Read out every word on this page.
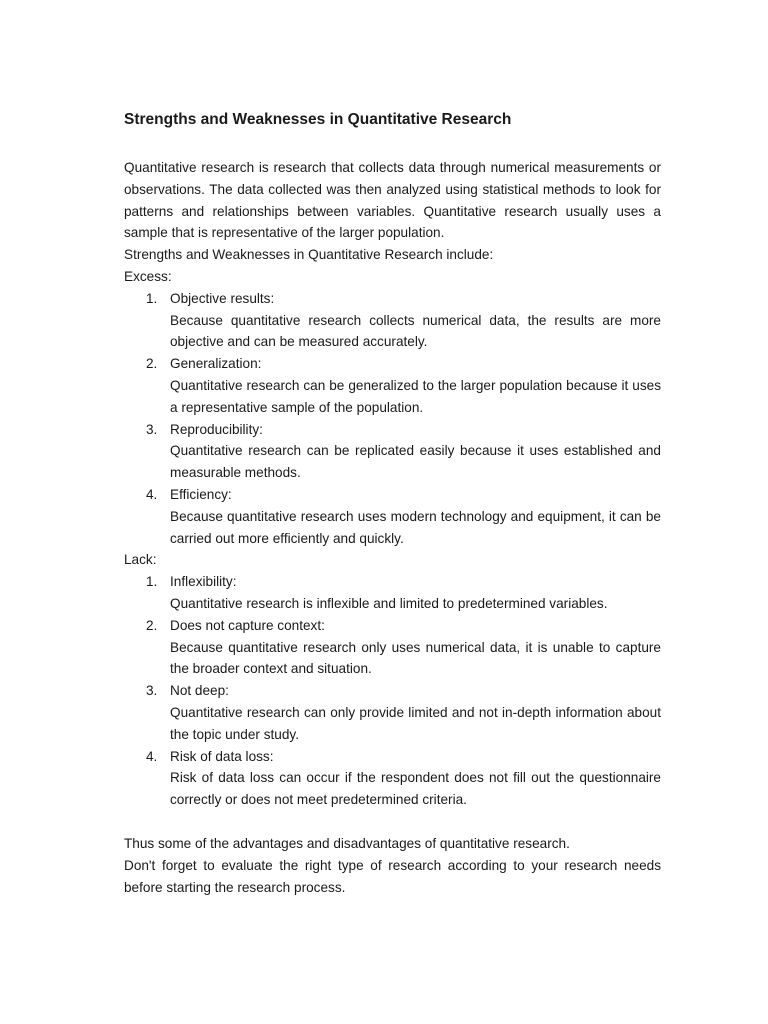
Strengths and Weaknesses in Quantitative Research

Quantitative research is research that collects data through numerical measurements or observations. The data collected was then analyzed using statistical methods to look for patterns and relationships between variables. Quantitative research usually uses a sample that is representative of the larger population.

Strengths and Weaknesses in Quantitative Research include:

Excess:

1. Objective results:
Because quantitative research collects numerical data, the results are more objective and can be measured accurately.
2. Generalization:
Quantitative research can be generalized to the larger population because it uses a representative sample of the population.
3. Reproducibility:
Quantitative research can be replicated easily because it uses established and measurable methods.
4. Efficiency:
Because quantitative research uses modern technology and equipment, it can be carried out more efficiently and quickly.

Lack:

1. Inflexibility:
Quantitative research is inflexible and limited to predetermined variables.
2. Does not capture context:
Because quantitative research only uses numerical data, it is unable to capture the broader context and situation.
3. Not deep:
Quantitative research can only provide limited and not in-depth information about the topic under study.
4. Risk of data loss:
Risk of data loss can occur if the respondent does not fill out the questionnaire correctly or does not meet predetermined criteria.

Thus some of the advantages and disadvantages of quantitative research.

Don't forget to evaluate the right type of research according to your research needs before starting the research process.
